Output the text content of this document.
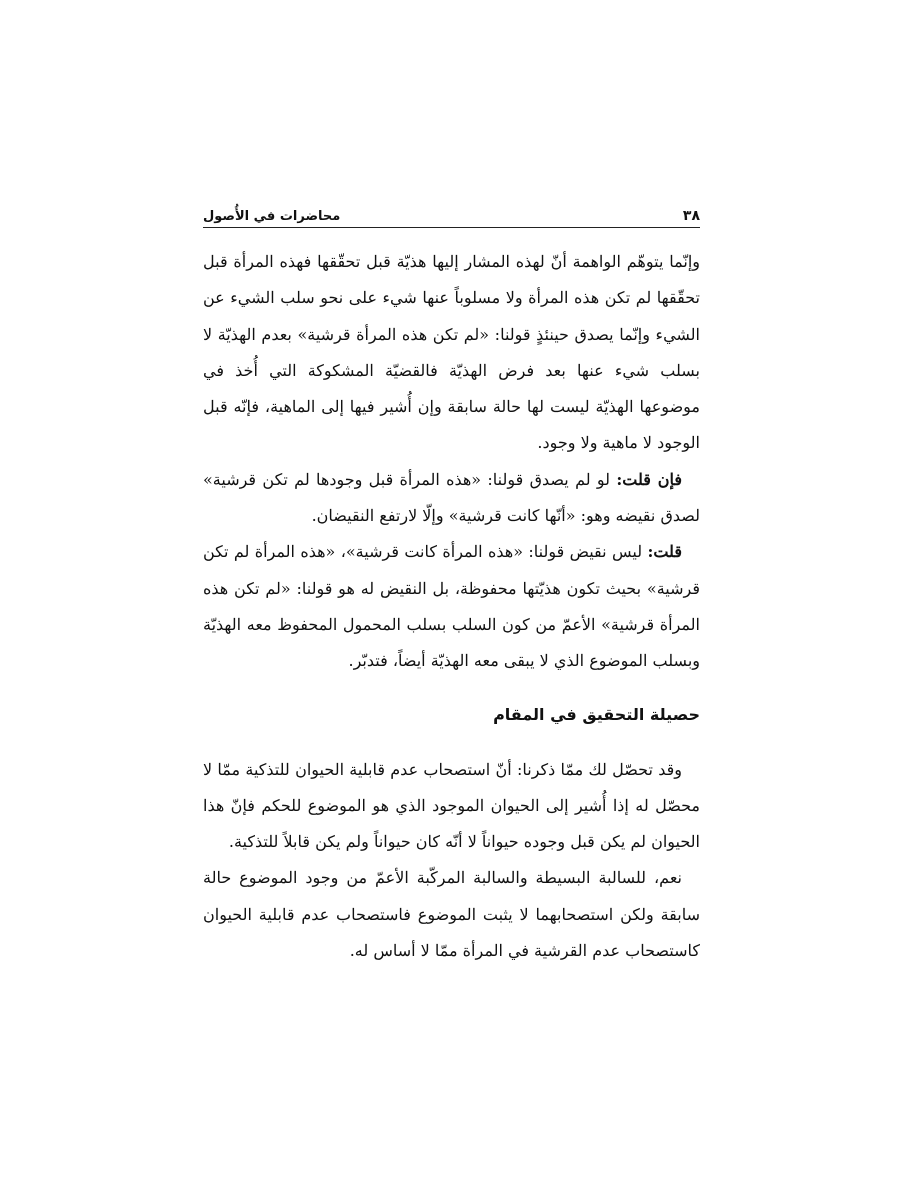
٣٨
محاضرات في الأُصول

وإنّما يتوهّم الواهمة أنّ لهذه المشار إليها هذيّة قبل تحقّقها فهذه المرأة قبل تحقّقها لم تكن هذه المرأة ولا مسلوباً عنها شيء على نحو سلب الشيء عن الشيء وإنّما يصدق حينئذٍ قولنا: «لم تكن هذه المرأة قرشية» بعدم الهذيّة لا بسلب شيء عنها بعد فرض الهذيّة فالقضيّة المشكوكة التي أُخذ في موضوعها الهذيّة ليست لها حالة سابقة وإن أُشير فيها إلى الماهية، فإنّه قبل الوجود لا ماهية ولا وجود.

فإن قلت: لو لم يصدق قولنا: «هذه المرأة قبل وجودها لم تكن قرشية» لصدق نقيضه وهو: «أنّها كانت قرشية» وإلّا لارتفع النقيضان.

قلت: ليس نقيض قولنا: «هذه المرأة كانت قرشية»، «هذه المرأة لم تكن قرشية» بحيث تكون هذيّتها محفوظة، بل النقيض له هو قولنا: «لم تكن هذه المرأة قرشية» الأعمّ من كون السلب بسلب المحمول المحفوظ معه الهذيّة وبسلب الموضوع الذي لا يبقى معه الهذيّة أيضاً، فتدبّر.

حصيلة التحقيق في المقام

وقد تحصّل لك ممّا ذكرنا: أنّ استصحاب عدم قابلية الحيوان للتذكية ممّا لا محصّل له إذا أُشير إلى الحيوان الموجود الذي هو الموضوع للحكم فإنّ هذا الحيوان لم يكن قبل وجوده حيواناً لا أنّه كان حيواناً ولم يكن قابلاً للتذكية.

نعم، للسالبة البسيطة والسالبة المركّبة الأعمّ من وجود الموضوع حالة سابقة ولكن استصحابهما لا يثبت الموضوع فاستصحاب عدم قابلية الحيوان كاستصحاب عدم القرشية في المرأة ممّا لا أساس له.
